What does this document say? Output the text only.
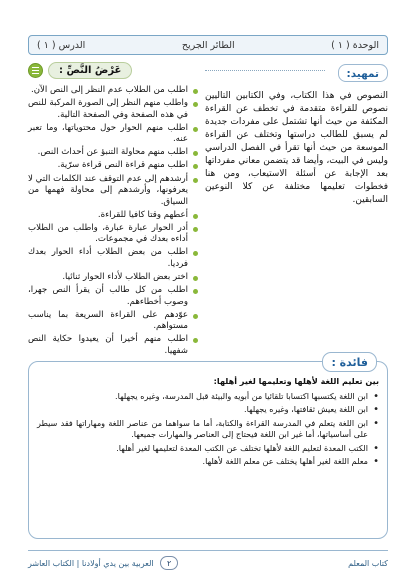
الوحدة ( ١ )
الطائر الجريح
الدرس ( ١ )
تمهيد:

النصوص في هذا الكتاب، وفي الكتابين التاليين نصوص للقراءة متقدمة في تخطف عن القراءة المكثفة من حيث أنها تشتمل على مفردات جديدة لم يسبق للطالب دراستها وتختلف عن القراءة الموسعة من حيث أنها تقرأ في الفصل الدراسي وليس في البيت، وأيضا قد يتضمن معاني مفرداتها بعد الإجابة عن أسئلة الاستيعاب، ومن هنا فخطوات تعليمها مختلفة عن كلا النوعين السابقين.

عَرْضُ النَّصِّ :
اطلب من الطلاب عدم النظر إلى النص الآن.
واطلب منهم النظر إلى الصورة المركبة للنص في هذه الصفحة وفي الصفحة التالية.
اطلب منهم الحوار حول محتوياتها، وما تعبر عنه.
اطلب منهم محاولة التنبؤ عن أحداث النص.
اطلب منهم قراءة النص قراءة سرّية.
أرشدهم إلى عدم التوقف عند الكلمات التي لا يعرفونها، وأرشدهم إلى محاولة فهمها من السياق.
أعطهم وقتا كافيا للقراءة.
أدر الحوار عبارة عبارة، واطلب من الطلاب أداءه بعدك في مجموعات.
اطلب من بعض الطلاب أداء الحوار بعدك فرديا.
اختر بعض الطلاب لأداء الحوار ثنائيا.
اطلب من كل طالب أن يقرأ النص جهرا، وصوب أخطاءهم.
عوّدهم على القراءة السريعة بما يناسب مستواهم.
اطلب منهم أخيرا أن يعيدوا حكاية النص شفهيا.
فائدة :

بين تعليم اللغة لأهلها وتعليمها لغير أهلها:

• ابن اللغة يكتسبها اكتسابا تلقائيا من أبويه والبيئة قبل المدرسة، وغيره يجهلها.
• ابن اللغة يعيش ثقافتها، وغيره يجهلها.
• ابن اللغة يتعلم في المدرسة القراءة والكتابة، أما ما سواهما من عناصر اللغة ومهاراتها فقد سيطر على أساسياتها، أما غير ابن اللغة فيحتاج إلى العناصر والمهارات جميعها.
• الكتب المعدة لتعليم اللغة لأهلها تختلف عن الكتب المعدة لتعليمها لغير أهلها.
• معلم اللغة لغير أهلها يختلف عن معلم اللغة لأهلها.
كتاب المعلم
٢ العربية بين يدي أولادنا | الكتاب العاشر
